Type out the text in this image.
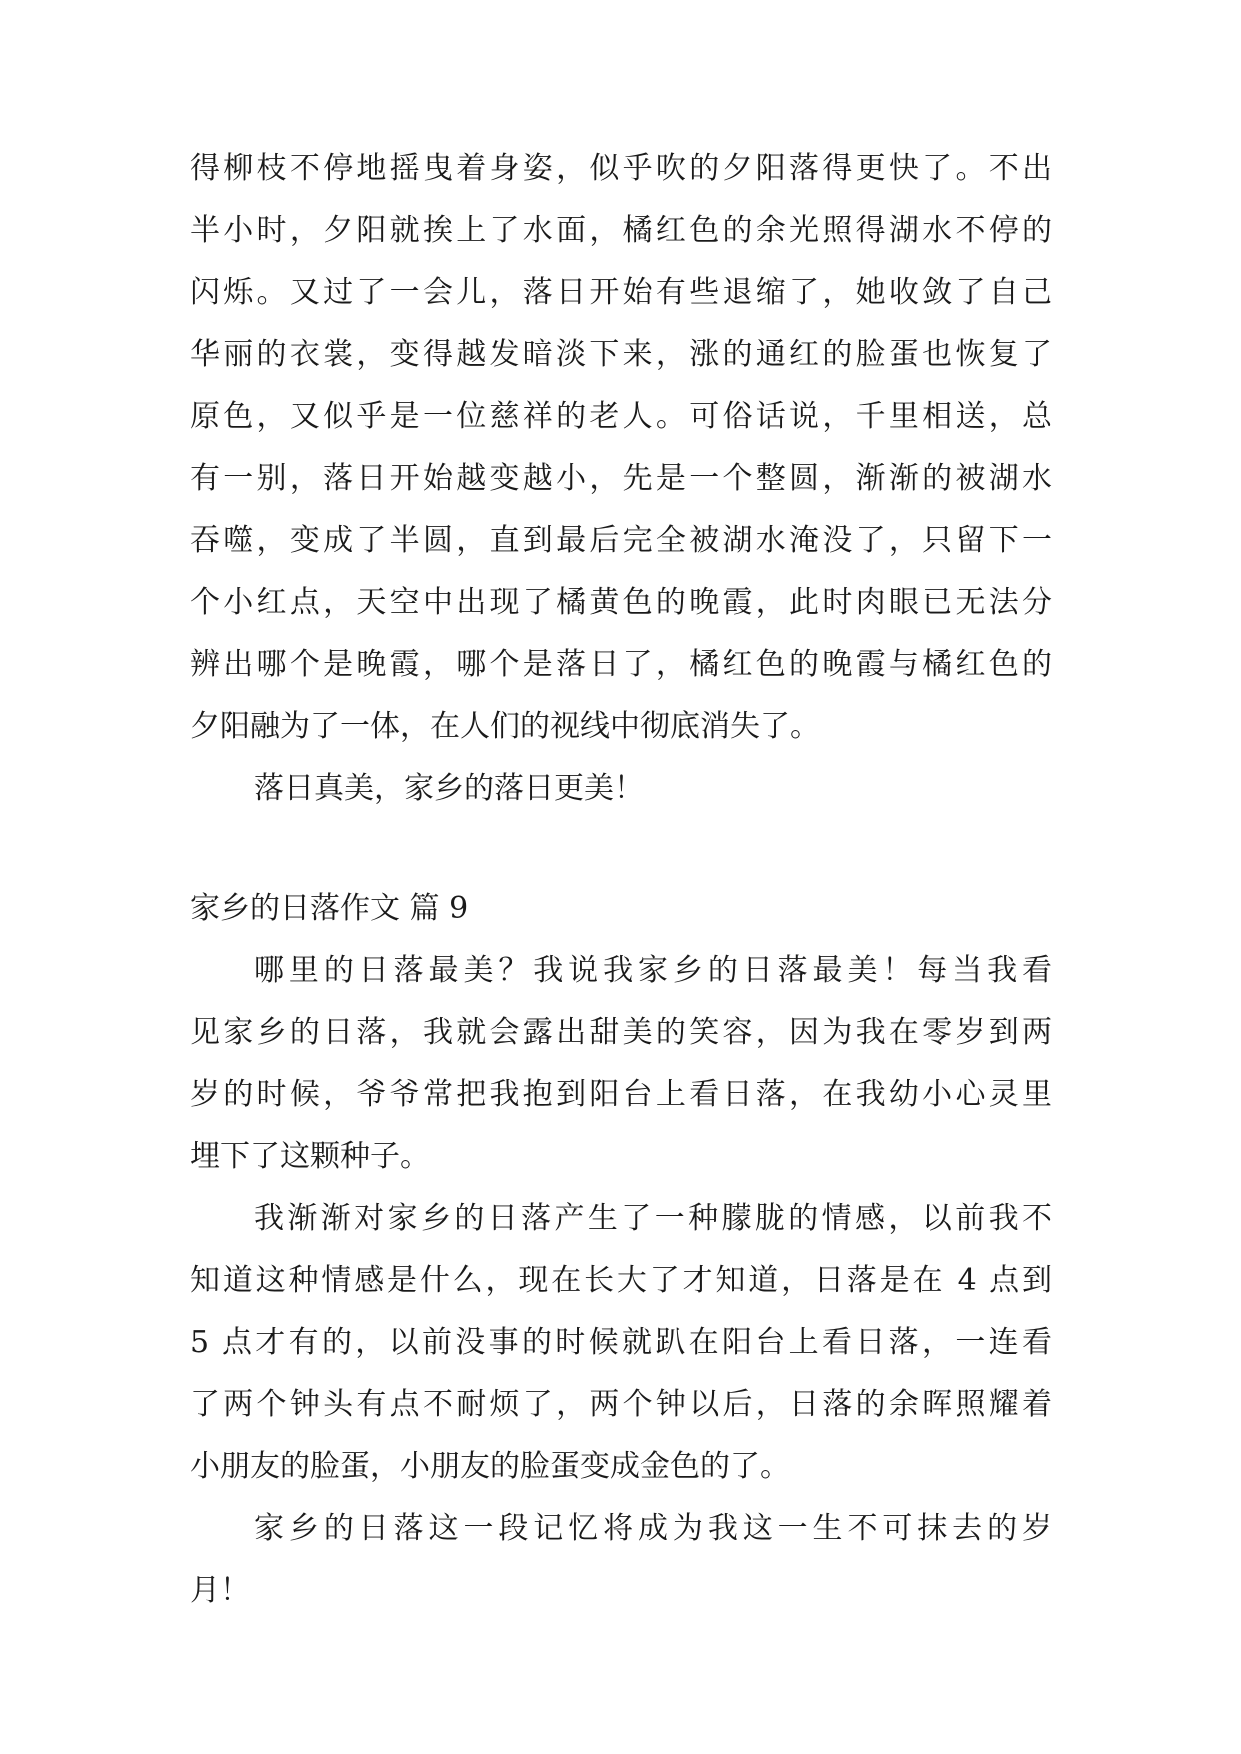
得柳枝不停地摇曳着身姿，似乎吹的夕阳落得更快了。不出
半小时，夕阳就挨上了水面，橘红色的余光照得湖水不停的
闪烁。又过了一会儿，落日开始有些退缩了，她收敛了自己
华丽的衣裳，变得越发暗淡下来，涨的通红的脸蛋也恢复了
原色，又似乎是一位慈祥的老人。可俗话说，千里相送，总
有一别，落日开始越变越小，先是一个整圆，渐渐的被湖水
吞噬，变成了半圆，直到最后完全被湖水淹没了，只留下一
个小红点，天空中出现了橘黄色的晚霞，此时肉眼已无法分
辨出哪个是晚霞，哪个是落日了，橘红色的晚霞与橘红色的
夕阳融为了一体，在人们的视线中彻底消失了。
落日真美，家乡的落日更美！
家乡的日落作文 篇 9
哪里的日落最美？我说我家乡的日落最美！每当我看
见家乡的日落，我就会露出甜美的笑容，因为我在零岁到两
岁的时候，爷爷常把我抱到阳台上看日落，在我幼小心灵里
埋下了这颗种子。
我渐渐对家乡的日落产生了一种朦胧的情感，以前我不
知道这种情感是什么，现在长大了才知道，日落是在 4 点到
5 点才有的，以前没事的时候就趴在阳台上看日落，一连看
了两个钟头有点不耐烦了，两个钟以后，日落的余晖照耀着
小朋友的脸蛋，小朋友的脸蛋变成金色的了。
家乡的日落这一段记忆将成为我这一生不可抹去的岁
月！
